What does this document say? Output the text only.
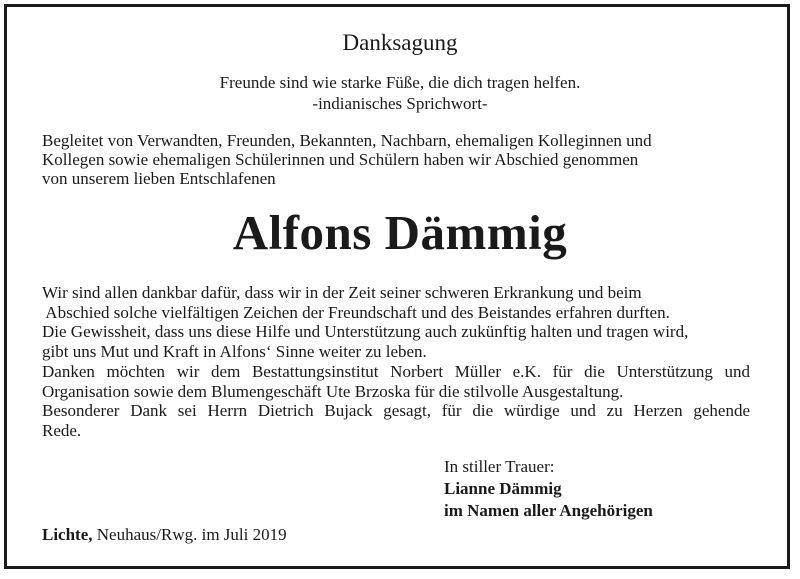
Danksagung
Freunde sind wie starke Füße, die dich tragen helfen.
-indianisches Sprichwort-
Begleitet von Verwandten, Freunden, Bekannten, Nachbarn, ehemaligen Kolleginnen und
Kollegen sowie ehemaligen Schülerinnen und Schülern haben wir Abschied genommen
von unserem lieben Entschlafenen
Alfons Dämmig
Wir sind allen dankbar dafür, dass wir in der Zeit seiner schweren Erkrankung und beim
Abschied solche vielfältigen Zeichen der Freundschaft und des Beistandes erfahren durften.
Die Gewissheit, dass uns diese Hilfe und Unterstützung auch zukünftig halten und tragen wird,
gibt uns Mut und Kraft in Alfons‘ Sinne weiter zu leben.
Danken möchten wir dem Bestattungsinstitut Norbert Müller e.K. für die Unterstützung und
Organisation sowie dem Blumengeschäft Ute Brzoska für die stilvolle Ausgestaltung.
Besonderer Dank sei Herrn Dietrich Bujack gesagt, für die würdige und zu Herzen gehende
Rede.
In stiller Trauer:
Lianne Dämmig
im Namen aller Angehörigen
Lichte, Neuhaus/Rwg. im Juli 2019
